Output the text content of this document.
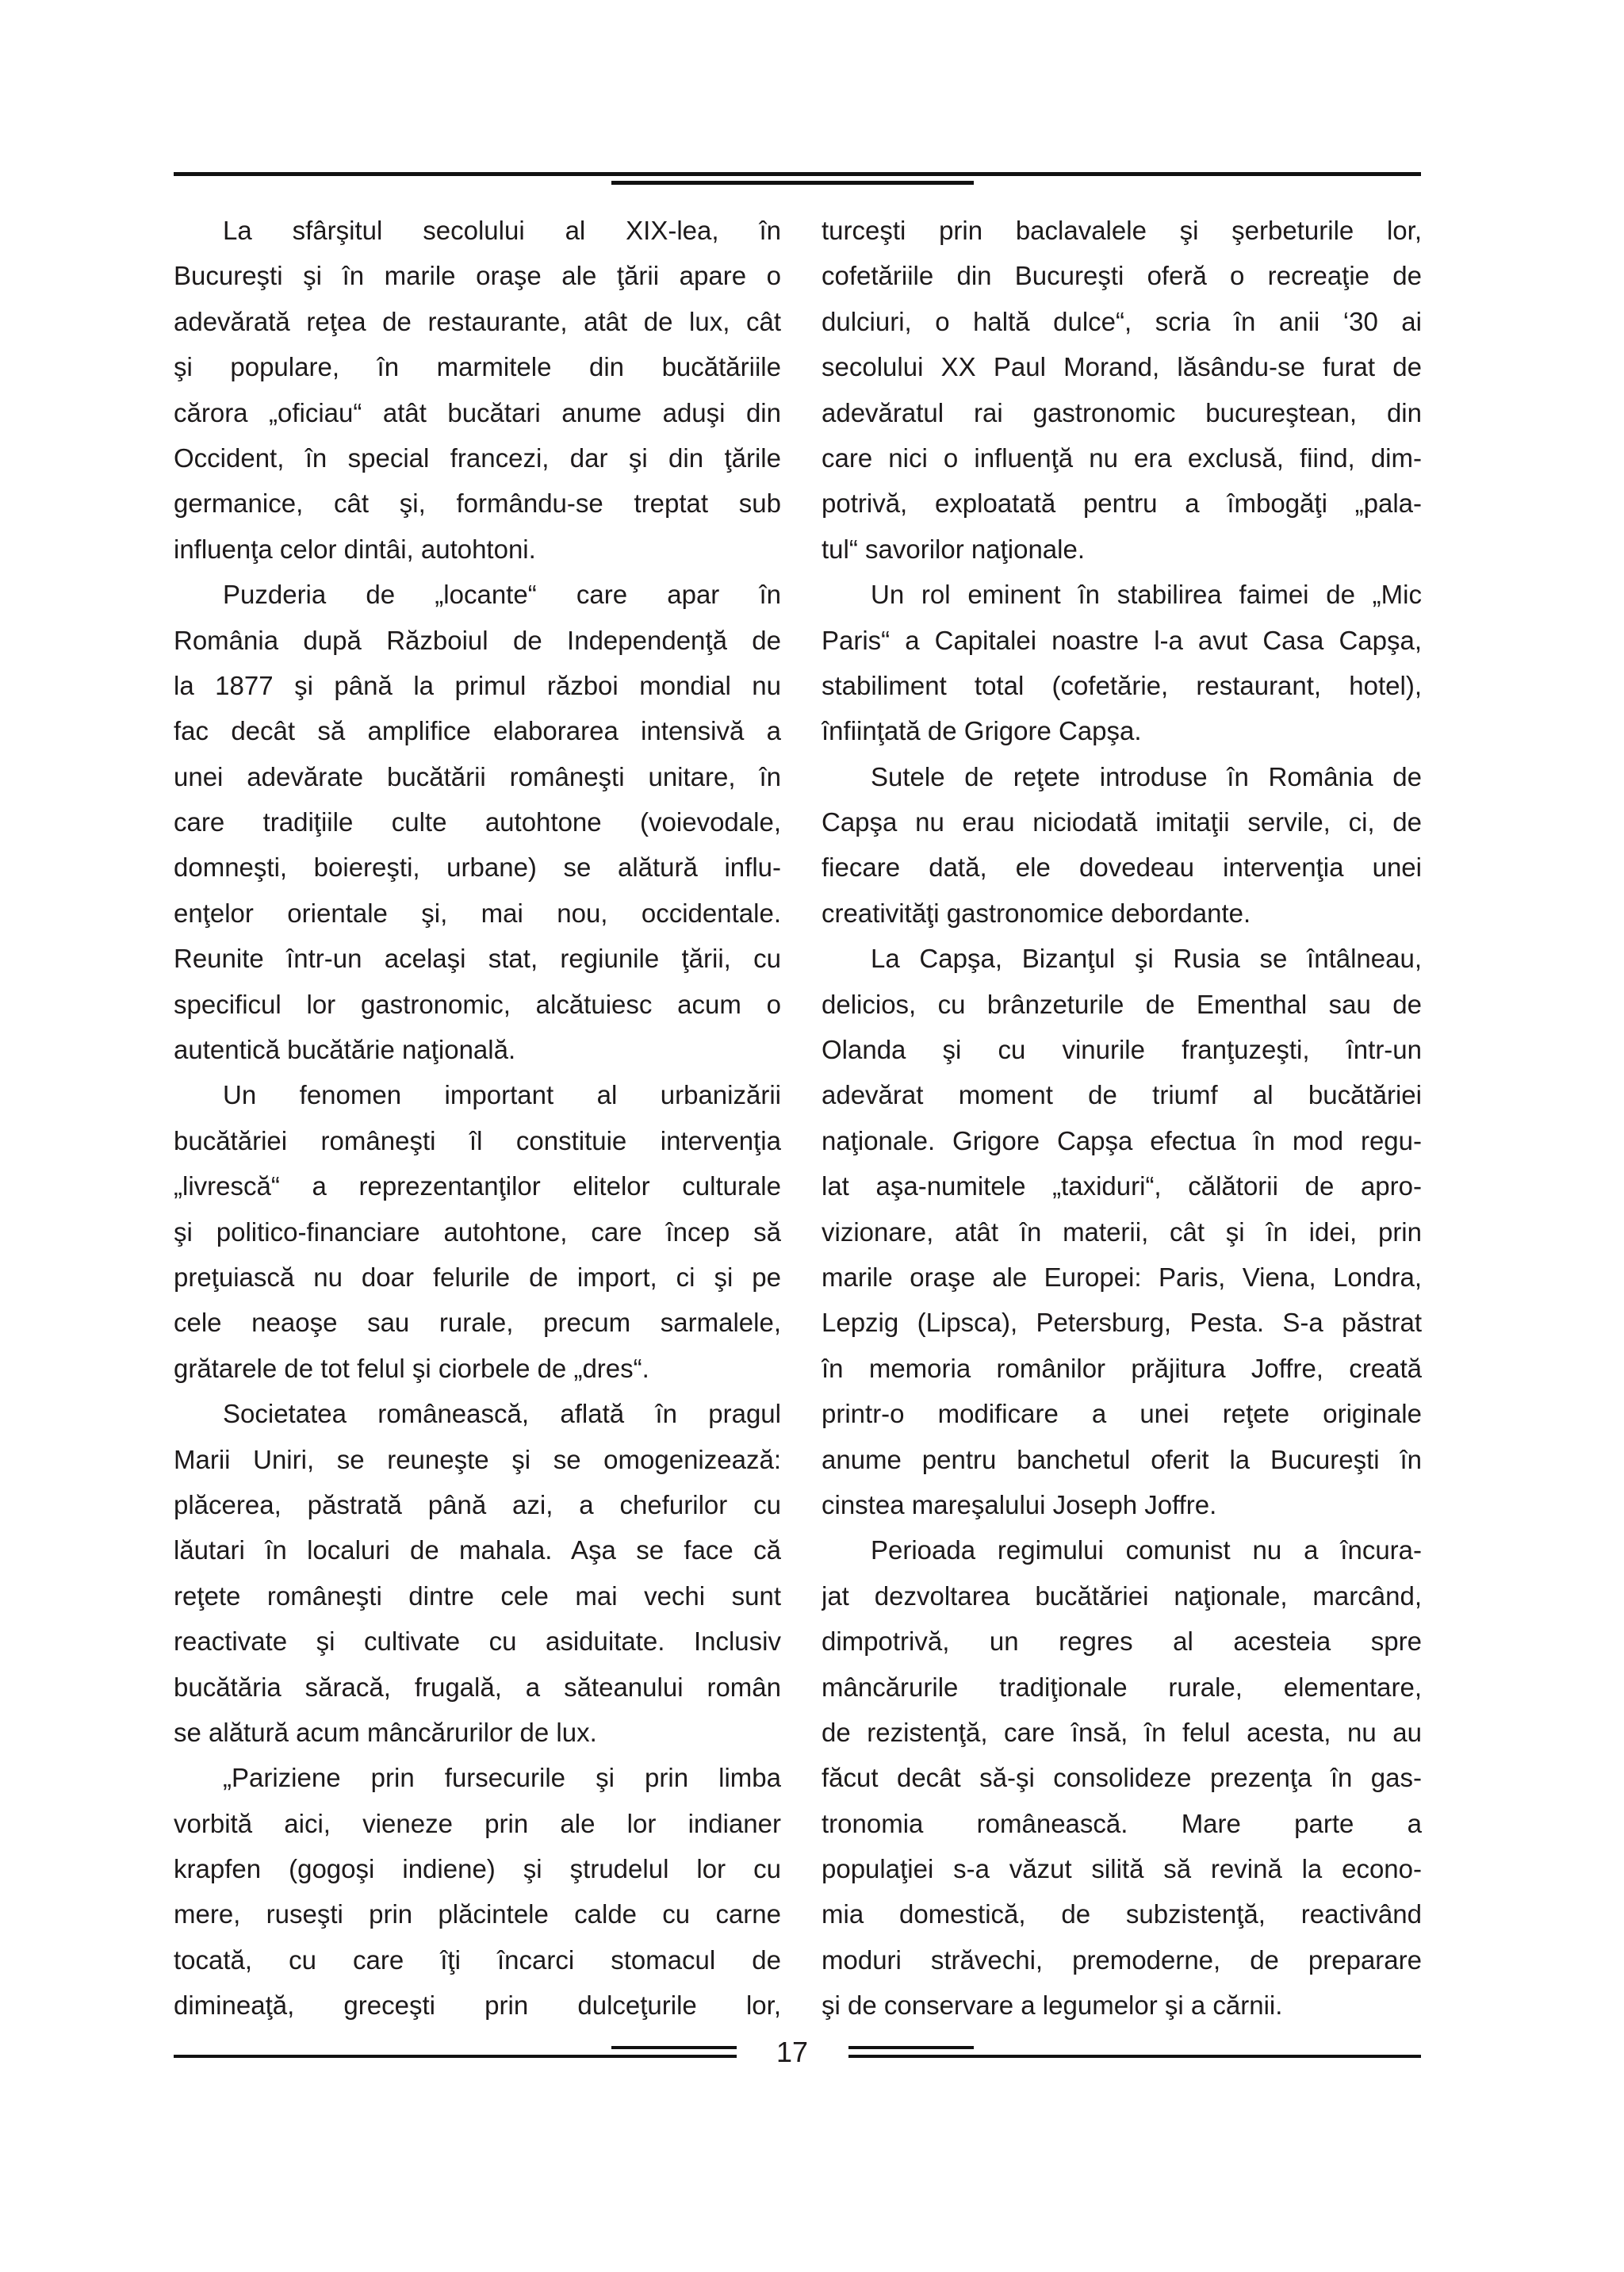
La sfârşitul secolului al XIX-lea, în
Bucureşti şi în marile oraşe ale ţării apare o
adevărată reţea de restaurante, atât de lux, cât
şi populare, în marmitele din bucătăriile
cărora „oficiau“ atât bucătari anume aduşi din
Occident, în special francezi, dar şi din ţările
germanice, cât şi, formându-se treptat sub
influenţa celor dintâi, autohtoni.
Puzderia de „locante“ care apar în
România după Războiul de Independenţă de
la 1877 şi până la primul război mondial nu
fac decât să amplifice elaborarea intensivă a
unei adevărate bucătării româneşti unitare, în
care tradiţiile culte autohtone (voievodale,
domneşti, boiereşti, urbane) se alătură influ-
enţelor orientale şi, mai nou, occidentale.
Reunite într-un acelaşi stat, regiunile ţării, cu
specificul lor gastronomic, alcătuiesc acum o
autentică bucătărie naţională.
Un fenomen important al urbanizării
bucătăriei româneşti îl constituie intervenţia
„livrescă“ a reprezentanţilor elitelor culturale
şi politico-financiare autohtone, care încep să
preţuiască nu doar felurile de import, ci şi pe
cele neaoşe sau rurale, precum sarmalele,
grătarele de tot felul şi ciorbele de „dres“.
Societatea românească, aflată în pragul
Marii Uniri, se reuneşte şi se omogenizează:
plăcerea, păstrată până azi, a chefurilor cu
lăutari în localuri de mahala. Aşa se face că
reţete româneşti dintre cele mai vechi sunt
reactivate şi cultivate cu asiduitate. Inclusiv
bucătăria săracă, frugală, a săteanului român
se alătură acum mâncărurilor de lux.
„Pariziene prin fursecurile şi prin limba
vorbită aici, vieneze prin ale lor indianer
krapfen (gogoşi indiene) şi ştrudelul lor cu
mere, ruseşti prin plăcintele calde cu carne
tocată, cu care îţi încarci stomacul de
dimineaţă, greceşti prin dulceţurile lor,
turceşti prin baclavalele şi şerbeturile lor,
cofetăriile din Bucureşti oferă o recreaţie de
dulciuri, o haltă dulce“, scria în anii ‘30 ai
secolului XX Paul Morand, lăsându-se furat de
adevăratul rai gastronomic bucureştean, din
care nici o influenţă nu era exclusă, fiind, dim-
potrivă, exploatată pentru a îmbogăţi „pala-
tul“ savorilor naţionale.
Un rol eminent în stabilirea faimei de „Mic
Paris“ a Capitalei noastre l-a avut Casa Capşa,
stabiliment total (cofetărie, restaurant, hotel),
înfiinţată de Grigore Capşa.
Sutele de reţete introduse în România de
Capşa nu erau niciodată imitaţii servile, ci, de
fiecare dată, ele dovedeau intervenţia unei
creativităţi gastronomice debordante.
La Capşa, Bizanţul şi Rusia se întâlneau,
delicios, cu brânzeturile de Ementhal sau de
Olanda şi cu vinurile franţuzeşti, într-un
adevărat moment de triumf al bucătăriei
naţionale. Grigore Capşa efectua în mod regu-
lat aşa-numitele „taxiduri“, călătorii de apro-
vizionare, atât în materii, cât şi în idei, prin
marile oraşe ale Europei: Paris, Viena, Londra,
Lepzig (Lipsca), Petersburg, Pesta. S-a păstrat
în memoria românilor prăjitura Joffre, creată
printr-o modificare a unei reţete originale
anume pentru banchetul oferit la Bucureşti în
cinstea mareşalului Joseph Joffre.
Perioada regimului comunist nu a încura-
jat dezvoltarea bucătăriei naţionale, marcând,
dimpotrivă, un regres al acesteia spre
mâncărurile tradiţionale rurale, elementare,
de rezistenţă, care însă, în felul acesta, nu au
făcut decât să-şi consolideze prezenţa în gas-
tronomia românească. Mare parte a
populaţiei s-a văzut silită să revină la econo-
mia domestică, de subzistenţă, reactivând
moduri străvechi, premoderne, de preparare
şi de conservare a legumelor şi a cărnii.
17
